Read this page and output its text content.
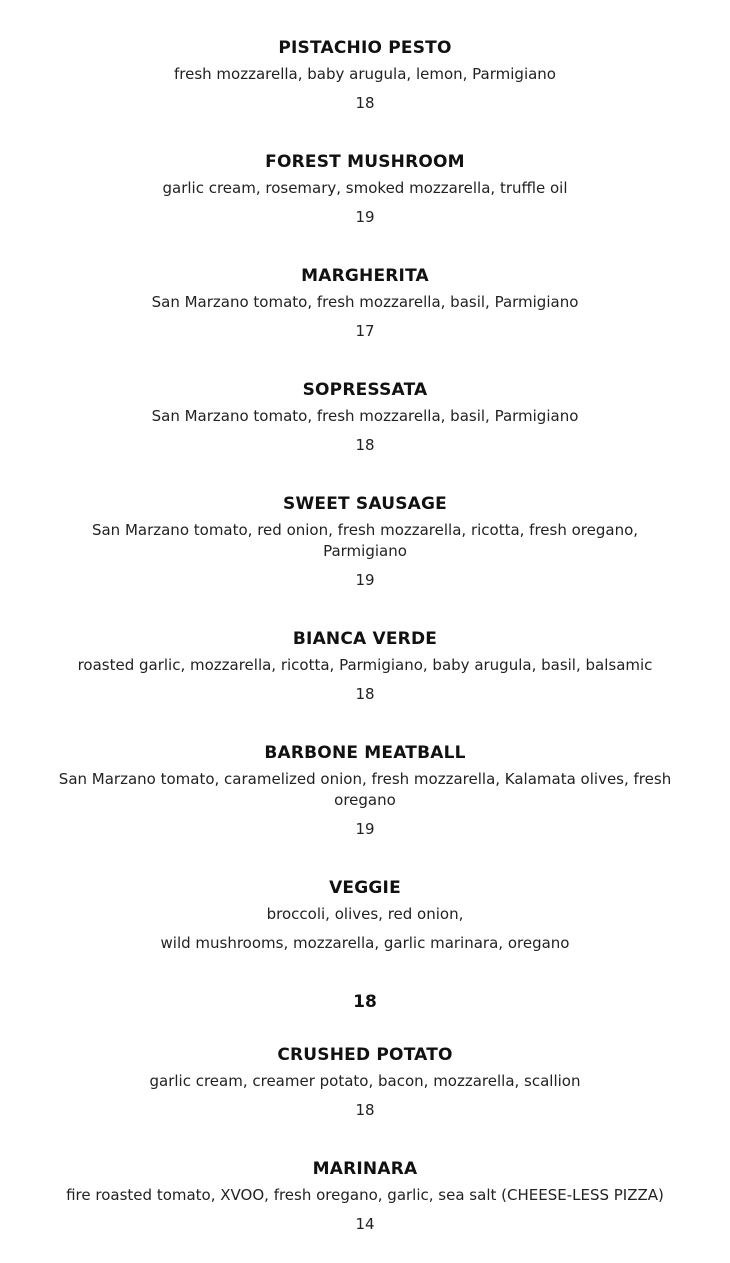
PISTACHIO PESTO
fresh mozzarella, baby arugula, lemon, Parmigiano
18
FOREST MUSHROOM
garlic cream, rosemary, smoked mozzarella, truffle oil
19
MARGHERITA
San Marzano tomato, fresh mozzarella, basil, Parmigiano
17
SOPRESSATA
San Marzano tomato, fresh mozzarella, basil, Parmigiano
18
SWEET SAUSAGE
San Marzano tomato, red onion, fresh mozzarella, ricotta, fresh oregano, Parmigiano
19
BIANCA VERDE
roasted garlic, mozzarella, ricotta, Parmigiano, baby arugula, basil, balsamic
18
BARBONE MEATBALL
San Marzano tomato, caramelized onion, fresh mozzarella, Kalamata olives, fresh oregano
19
VEGGIE
broccoli, olives, red onion,
wild mushrooms, mozzarella, garlic marinara, oregano
18
CRUSHED POTATO
garlic cream, creamer potato, bacon, mozzarella, scallion
18
MARINARA
fire roasted tomato, XVOO, fresh oregano, garlic, sea salt (CHEESE-LESS PIZZA)
14
